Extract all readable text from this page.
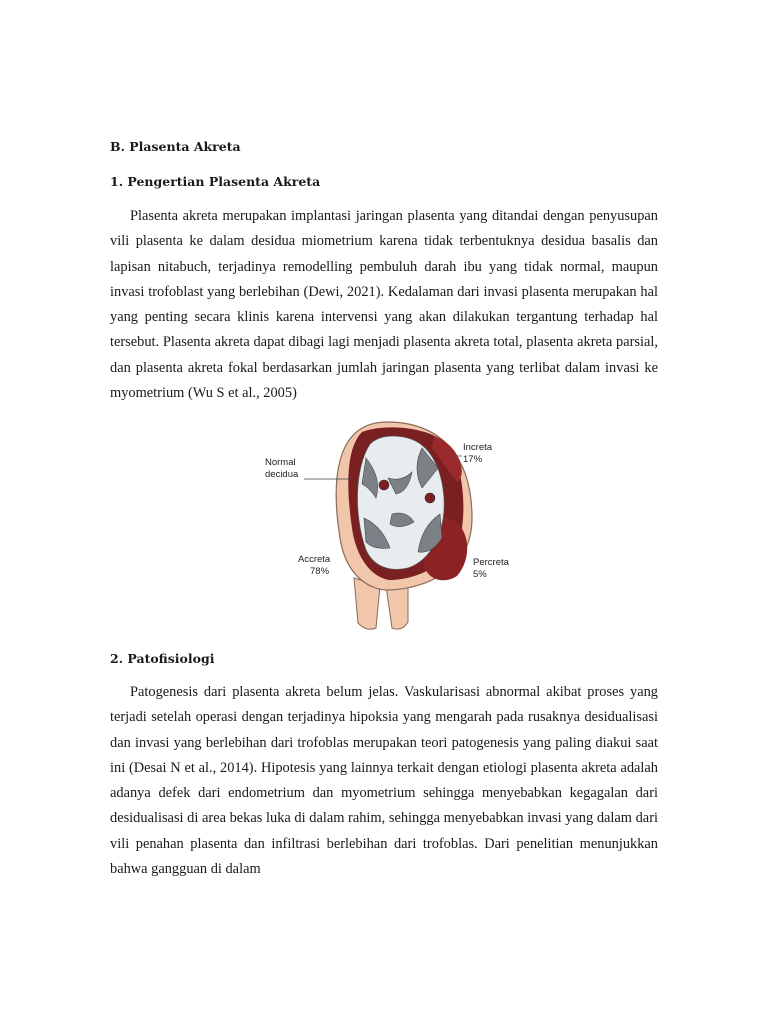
B. Plasenta Akreta
1. Pengertian Plasenta Akreta

Plasenta akreta merupakan implantasi jaringan plasenta yang ditandai dengan penyusupan vili plasenta ke dalam desidua miometrium karena tidak terbentuknya desidua basalis dan lapisan nitabuch, terjadinya remodelling pembuluh darah ibu yang tidak normal, maupun invasi trofoblast yang berlebihan (Dewi, 2021). Kedalaman dari invasi plasenta merupakan hal yang penting secara klinis karena intervensi yang akan dilakukan tergantung terhadap hal tersebut. Plasenta akreta dapat dibagi lagi menjadi plasenta akreta total, plasenta akreta parsial, dan plasenta akreta fokal berdasarkan jumlah jaringan plasenta yang terlibat dalam invasi ke myometrium (Wu S et al., 2005)

Normal
decidua
Increta
17%
Accreta
78%
Percreta
5%
2. Patofisiologi

Patogenesis dari plasenta akreta belum jelas. Vaskularisasi abnormal akibat proses yang terjadi setelah operasi dengan terjadinya hipoksia yang mengarah pada rusaknya desidualisasi dan invasi yang berlebihan dari trofoblas merupakan teori patogenesis yang paling diakui saat ini (Desai N et al., 2014). Hipotesis yang lainnya terkait dengan etiologi plasenta akreta adalah adanya defek dari endometrium dan myometrium sehingga menyebabkan kegagalan dari desidualisasi di area bekas luka di dalam rahim, sehingga menyebabkan invasi yang dalam dari vili penahan plasenta dan infiltrasi berlebihan dari trofoblas. Dari penelitian menunjukkan bahwa gangguan di dalam
